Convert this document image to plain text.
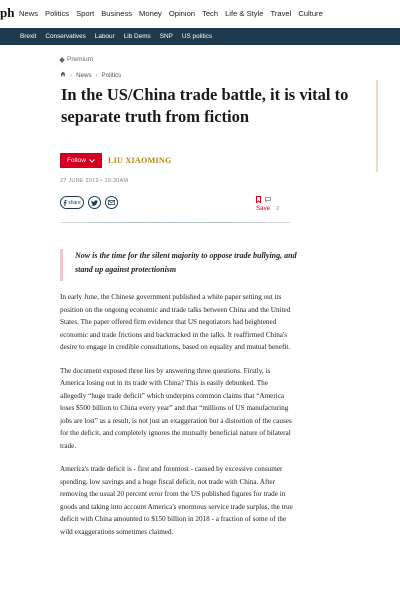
ph News Politics Sport Business Money Opinion Tech Life & Style Travel Culture
Brexit Conservatives Labour Lib Dems SNP US politics
Premium
› News › Politics
In the US/China trade battle, it is vital to separate truth from fiction
Follow	LIU XIAOMING
27 JUNE 2019 • 10:30AM
share
Save 2

Now is the time for the silent majority to oppose trade bullying, and stand up against protectionism

In early June, the Chinese government published a white paper setting out its position on the ongoing economic and trade talks between China and the United States. The paper offered firm evidence that US negotiators had heightened economic and trade frictions and backtracked in the talks. It reaffirmed China's desire to engage in credible consultations, based on equality and mutual benefit.

The document exposed three lies by answering three questions. Firstly, is America losing out in its trade with China? This is easily debunked. The allegedly “huge trade deficit” which underpins common claims that “America loses $500 billion to China every year” and that “millions of US manufacturing jobs are lost” as a result, is not just an exaggeration but a distortion of the causes for the deficit, and completely ignores the mutually beneficial nature of bilateral trade.

America's trade deficit is - first and foremost - caused by excessive consumer spending, low savings and a huge fiscal deficit, not trade with China. After removing the usual 20 percent error from the US published figures for trade in goods and taking into account America's enormous service trade surplus, the true deficit with China amounted to $150 billion in 2018 - a fraction of some of the wild exaggerations sometimes claimed.
